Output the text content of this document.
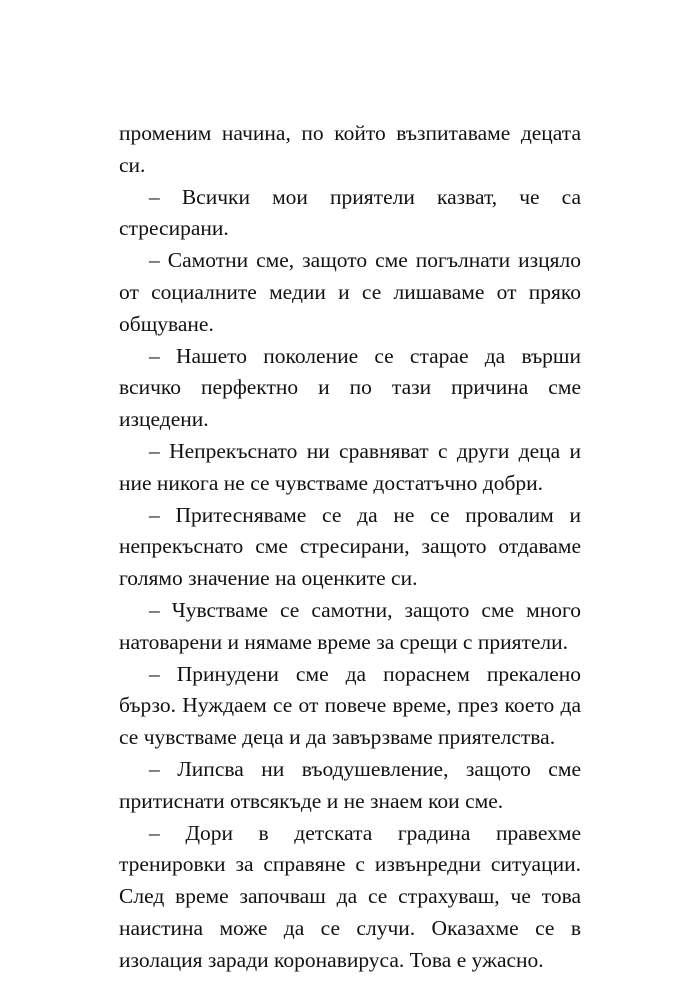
променим начина, по който възпитаваме децата си.

– Всички мои приятели казват, че са стресирани.

– Самотни сме, защото сме погълнати изцяло от социалните медии и се лишаваме от пряко общуване.

– Нашето поколение се старае да върши всичко перфектно и по тази причина сме изцедени.

– Непрекъснато ни сравняват с други деца и ние никога не се чувстваме достатъчно добри.

– Притесняваме се да не се провалим и непрекъснато сме стресирани, защото отдаваме голямо значение на оценките си.

– Чувстваме се самотни, защото сме много натоварени и нямаме време за срещи с приятели.

– Принудени сме да пораснем прекалено бързо. Нуждаем се от повече време, през което да се чувстваме деца и да завързваме приятелства.

– Липсва ни въодушевление, защото сме притиснати отвсякъде и не знаем кои сме.

– Дори в детската градина правехме тренировки за справяне с извънредни ситуации. След време започваш да се страхуваш, че това наистина може да се случи. Оказахме се в изолация заради коронавируса. Това е ужасно.
